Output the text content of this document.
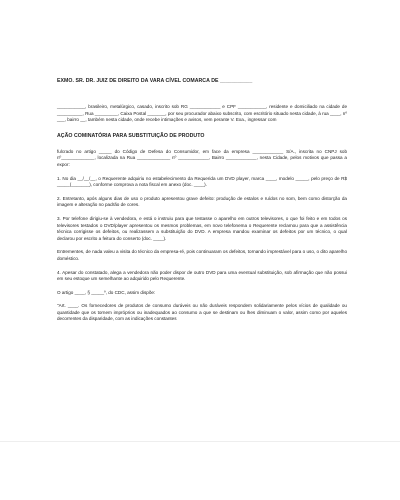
EXMO. SR. DR. JUIZ DE DIREITO DA VARA CÍVEL COMARCA DE ___________

___________, brasileiro, metalúrgico, casado, inscrito sob RG ____________ e CPF ___________, residente e domiciliado na cidade de __________, Rua _________, Caixa Postal _______, por seu procurador abaixo subscrito, com escritório situado nesta cidade, à rua ____, nº ___, bairro __, também nesta cidade, onde recebe intimações e avisos, vem perante V. Exa., ingressar com

AÇÃO COMINATÓRIA PARA SUBSTITUIÇÃO DE PRODUTO

fulcrado no artigo _____ do Código de Defesa do Consumidor, em face da empresa ____________ S/A., inscrita no CNPJ sob nº_____________, localizada na Rua _____________ nº ____________, Bairro ____________, nesta Cidade, pelos motivos que passa a expor:

1. No dia __/__/__, o Requerente adquiriu no estabelecimento da Requerida um DVD player, marca ____, modelo _____, pelo preço de R$ _____(_______), conforme comprova a nota fiscal em anexo (doc. ____).

2. Entretanto, após alguns dias de uso o produto apresentou grave defeito: produção de estalos e ruídos no som, bem como distorção da imagem e alteração no padrão de cores.

3. Por telefone dirigiu-se à vendedora, e está o instruiu para que testasse o aparelho em outros televisores, o que foi feito e em todos os televisores testados o DVD/player apresentou os mesmos problemas, em novo telefonema o Requerente reclamou para que a assistência técnica corrigisse os defeitos, ou realizassem a substituição do DVD. A empresa mandou examinar os defeitos por um técnico, o qual declarou por escrito a feitura do conserto (doc. ____).

Entrementes, de nada valeu a visita do técnico da empresa-ré, pois continuaram os defeitos, tornando imprestável para o uso, o dito aparelho doméstico.

4. Apesar do constatado, alega a vendedora não poder dispor de outro DVD para uma eventual substituição, sob afirmação que não possui em seu estoque um semelhante ao adquirido pelo Requerente.

O artigo ____, § _____º, do CDC, assim dispõe:

"Art. ____. Os fornecedores de produtos de consumo duráveis ou não duráveis respondem solidariamente pelos vícios de qualidade ou quantidade que os tornem impróprios ou inadequados ao consumo a que se destinam ou lhes diminuam o valor, assim como por aqueles decorrentes da disparidade, com as indicações constantes
